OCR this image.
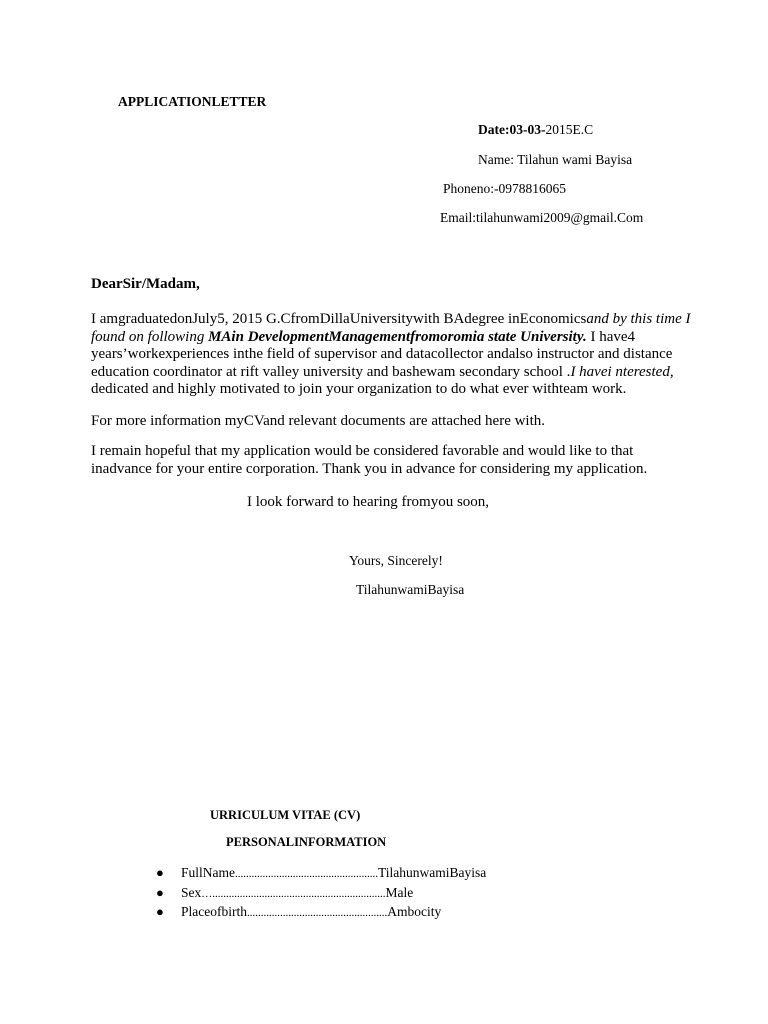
APPLICATIONLETTER
Date:03-03-2015E.C
Name: Tilahun wami Bayisa
Phoneno:-0978816065
Email:tilahunwami2009@gmail.Com
DearSir/Madam,
I amgraduatedonJuly5, 2015 G.CfromDillaUniversitywith BAdegree inEconomicsand by this time I found on following MAin DevelopmentManagementfromoromia state University. I have4 years’workexperiences inthe field of supervisor and datacollector andalso instructor and distance education coordinator at rift valley university and bashewam secondary school .I havei nterested, dedicated and highly motivated to join your organization to do what ever withteam work.
For more information myCVand relevant documents are attached here with.
I remain hopeful that my application would be considered favorable and would like to that inadvance for your entire corporation. Thank you in advance for considering my application.
I look forward to hearing fromyou soon,
Yours, Sincerely!
TilahunwamiBayisa
URRICULUM VITAE (CV)
PERSONALINFORMATION
● FullName....................................................TilahunwamiBayisa
● Sex…...............................................................Male
● Placeofbirth...................................................Ambocity
